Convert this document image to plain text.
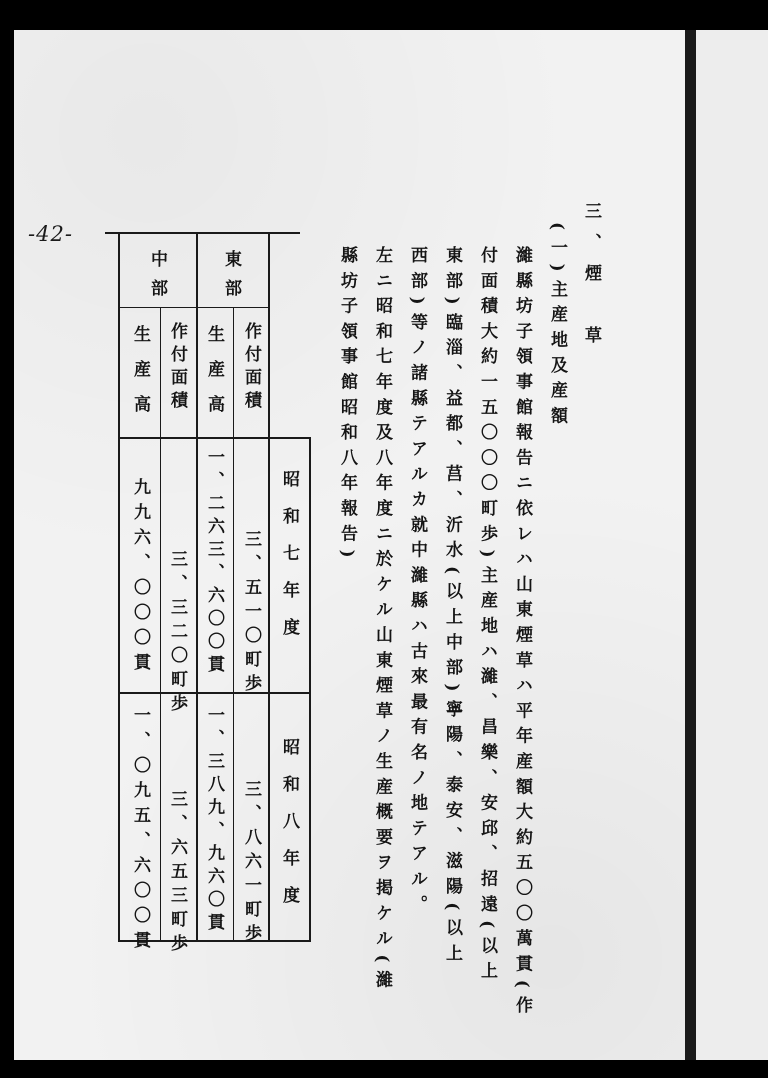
-42-	三、煙　草
(一)主産地及産額
濰縣坊子領事館報告ニ依レハ山東煙草ハ平年産額大約五〇〇萬貫(作
付面積大約一五〇〇〇町歩)主産地ハ濰、昌樂、安邱、招遠(以上
東部)臨淄、益都、莒、沂水(以上中部)寧陽、泰安、滋陽(以上
西部)等ノ諸縣テアルカ就中濰縣ハ古來最有名ノ地テアル。
左ニ昭和七年度及八年度ニ於ケル山東煙草ノ生産概要ヲ掲ケル(濰
縣坊子領事館昭和八年報告)
東部
中部
作付面積
生産高
作付面積
生産高
昭和七年度
昭和八年度
三、五一〇町歩
一、二六三、六〇〇貫
三、三二〇町歩
九九六、〇〇〇貫
三、八六一町歩
一、三八九、九六〇貫
三、六五三町歩
一、〇九五、六〇〇貫
